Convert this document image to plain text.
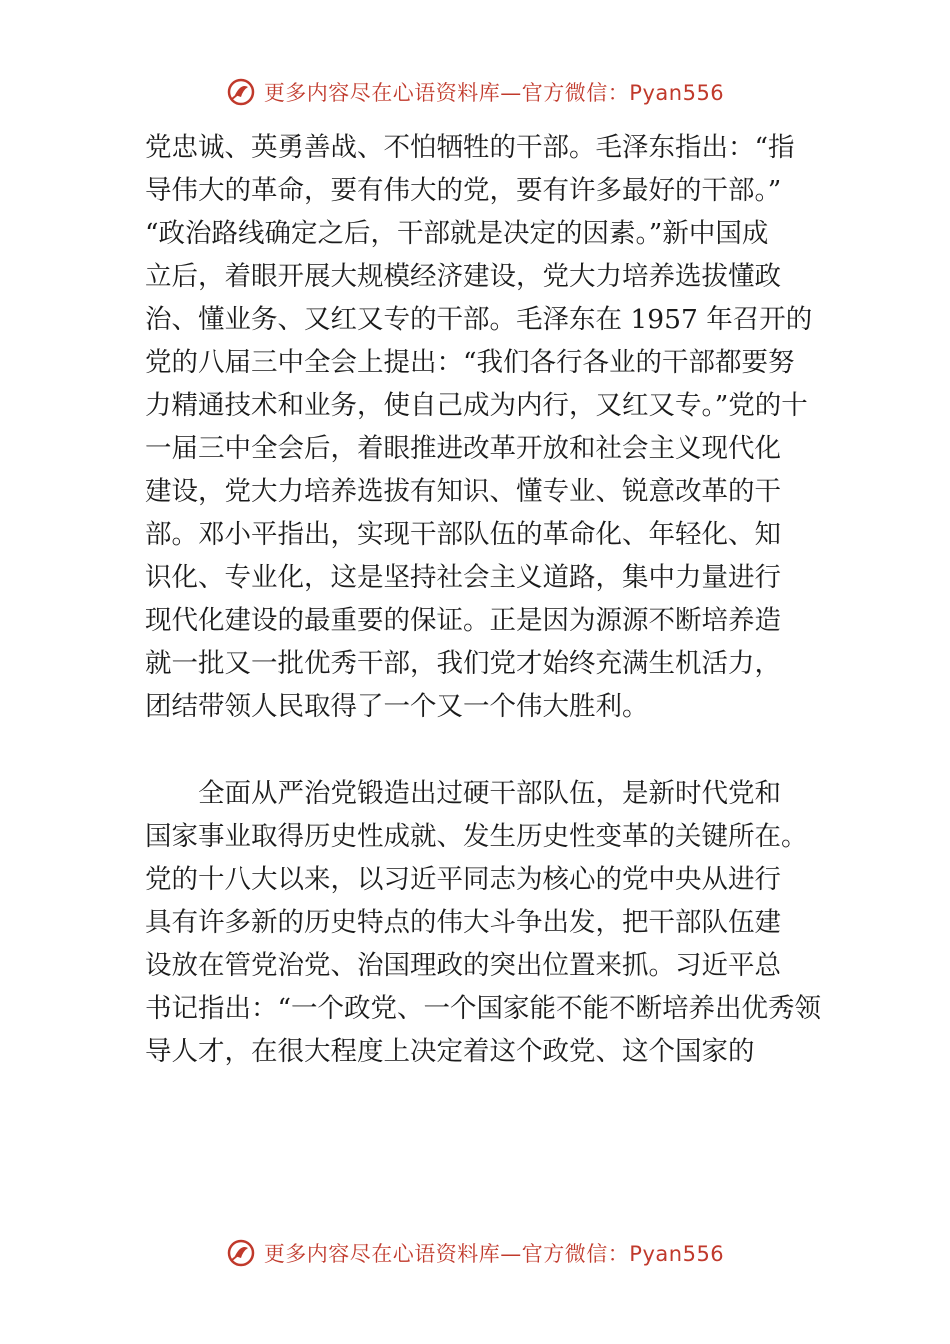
更多内容尽在心语资料库—官方微信：Pyan556
党忠诚、英勇善战、不怕牺牲的干部。毛泽东指出：“指
导伟大的革命，要有伟大的党，要有许多最好的干部。”
“政治路线确定之后，干部就是决定的因素。”新中国成
立后，着眼开展大规模经济建设，党大力培养选拔懂政
治、懂业务、又红又专的干部。毛泽东在 1957 年召开的
党的八届三中全会上提出：“我们各行各业的干部都要努
力精通技术和业务，使自己成为内行，又红又专。”党的十
一届三中全会后，着眼推进改革开放和社会主义现代化
建设，党大力培养选拔有知识、懂专业、锐意改革的干
部。邓小平指出，实现干部队伍的革命化、年轻化、知
识化、专业化，这是坚持社会主义道路，集中力量进行
现代化建设的最重要的保证。正是因为源源不断培养造
就一批又一批优秀干部，我们党才始终充满生机活力，
团结带领人民取得了一个又一个伟大胜利。
　　全面从严治党锻造出过硬干部队伍，是新时代党和
国家事业取得历史性成就、发生历史性变革的关键所在。
党的十八大以来，以习近平同志为核心的党中央从进行
具有许多新的历史特点的伟大斗争出发，把干部队伍建
设放在管党治党、治国理政的突出位置来抓。习近平总
书记指出：“一个政党、一个国家能不能不断培养出优秀领
导人才，在很大程度上决定着这个政党、这个国家的
更多内容尽在心语资料库—官方微信：Pyan556
